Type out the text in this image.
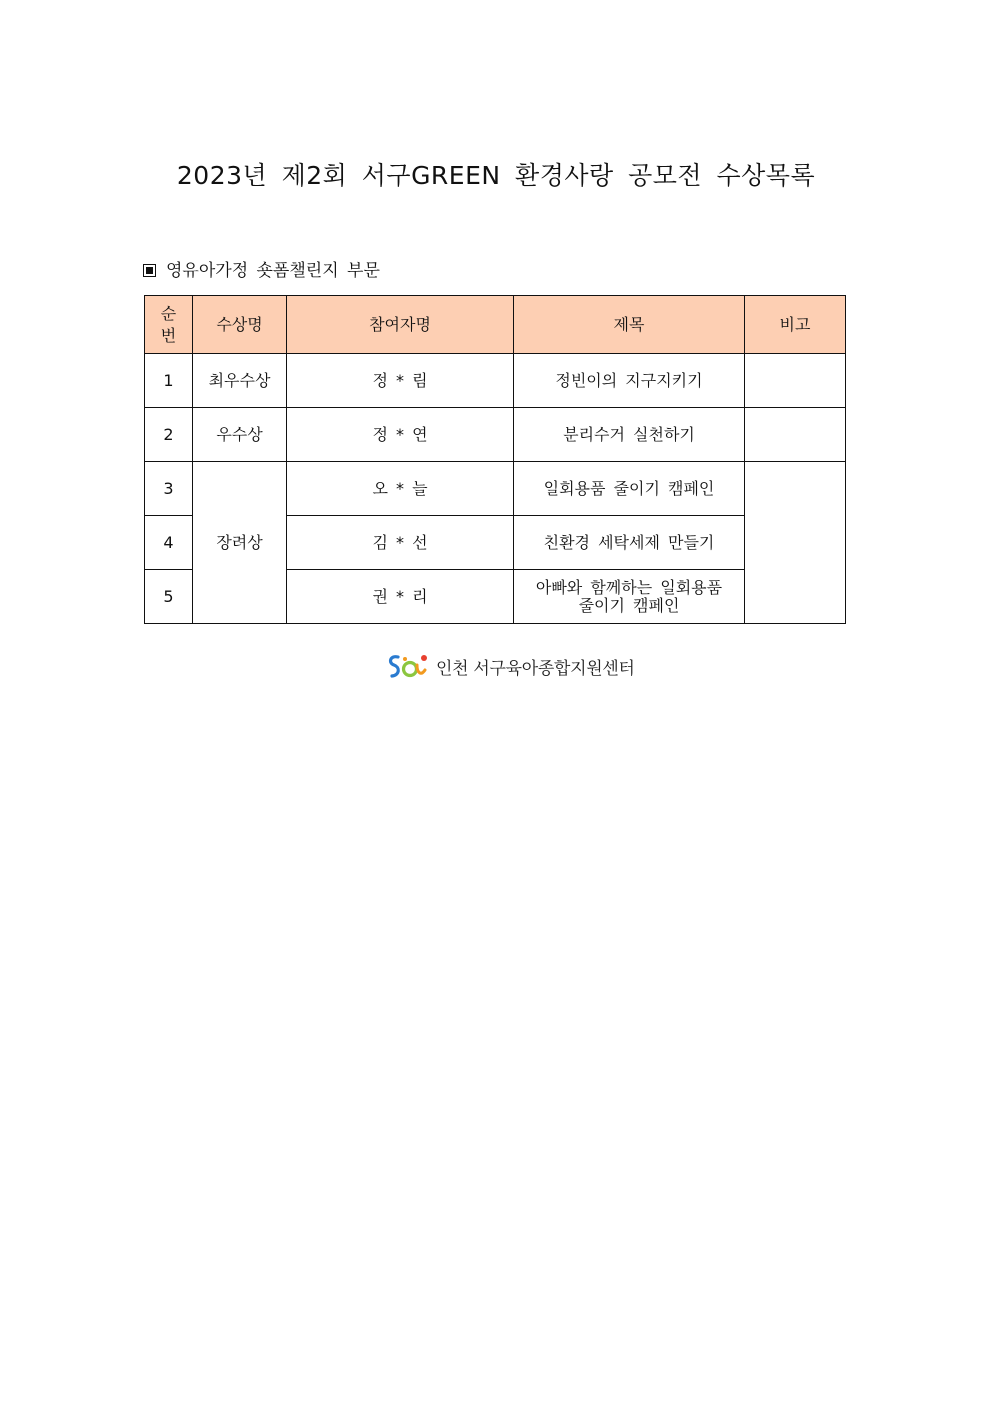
2023년 제2회 서구GREEN 환경사랑 공모전 수상목록
영유아가정 숏폼챌린지 부문
순
번	수상명	참여자명	제목	비고
1	최우수상	정 * 림	정빈이의 지구지키기	
2	우수상	정 * 연	분리수거 실천하기	
3	장려상	오 * 늘	일회용품 줄이기 캠페인	
4		김 * 선	친환경 세탁세제 만들기	
5		권 * 리	아빠와 함께하는 일회용품
줄이기 캠페인	
인천 서구육아종합지원센터
